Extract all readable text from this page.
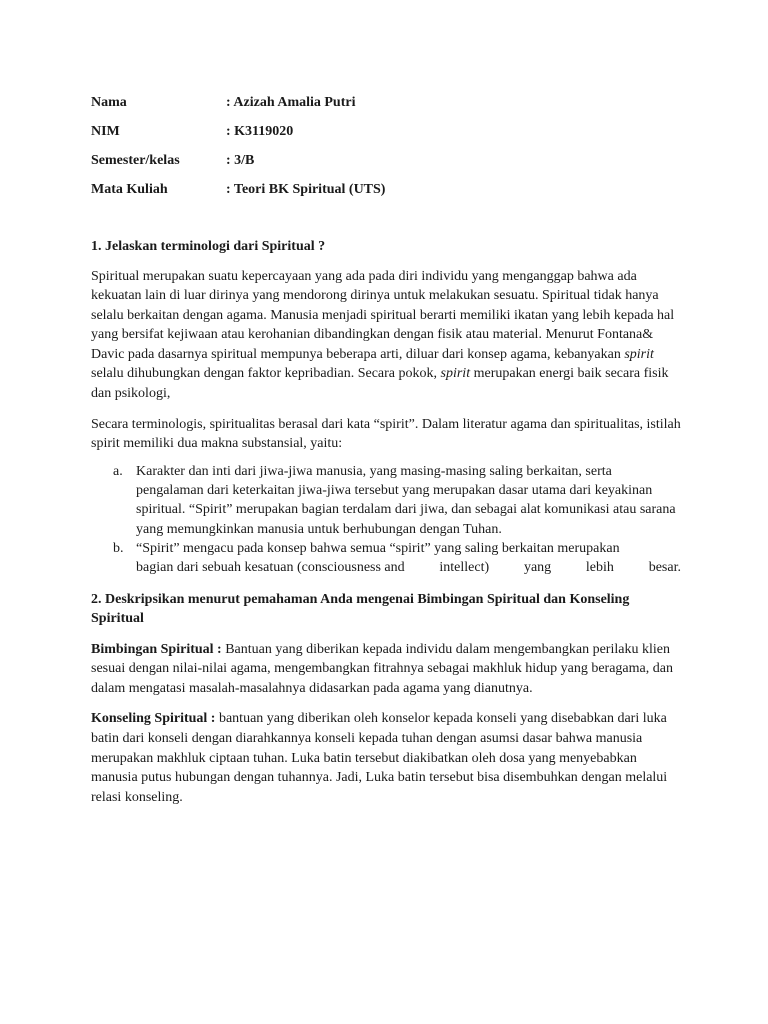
Nama	: Azizah Amalia Putri
NIM	: K3119020
Semester/kelas	: 3/B
Mata Kuliah	: Teori BK Spiritual (UTS)

1. Jelaskan terminologi dari Spiritual ?

Spiritual merupakan suatu kepercayaan yang ada pada diri individu yang menganggap bahwa ada kekuatan lain di luar dirinya yang mendorong dirinya untuk melakukan sesuatu. Spiritual tidak hanya selalu berkaitan dengan agama. Manusia menjadi spiritual berarti memiliki ikatan yang lebih kepada hal yang bersifat kejiwaan atau kerohanian dibandingkan dengan fisik atau material. Menurut Fontana& Davic pada dasarnya spiritual mempunya beberapa arti, diluar dari konsep agama, kebanyakan spirit selalu dihubungkan dengan faktor kepribadian. Secara pokok, spirit merupakan energi baik secara fisik dan psikologi,

Secara terminologis, spiritualitas berasal dari kata “spirit”. Dalam literatur agama dan spiritualitas, istilah spirit memiliki dua makna substansial, yaitu:

a. Karakter dan inti dari jiwa-jiwa manusia, yang masing-masing saling berkaitan, serta pengalaman dari keterkaitan jiwa-jiwa tersebut yang merupakan dasar utama dari keyakinan spiritual. “Spirit” merupakan bagian terdalam dari jiwa, dan sebagai alat komunikasi atau sarana yang memungkinkan manusia untuk berhubungan dengan Tuhan.
b. “Spirit” mengacu pada konsep bahwa semua “spirit” yang saling berkaitan merupakan

bagian dari sebuah kesatuan (consciousness and intellect) yang lebih besar.

2. Deskripsikan menurut pemahaman Anda mengenai Bimbingan Spiritual dan Konseling Spiritual

Bimbingan Spiritual : Bantuan yang diberikan kepada individu dalam mengembangkan perilaku klien sesuai dengan nilai-nilai agama, mengembangkan fitrahnya sebagai makhluk hidup yang beragama, dan dalam mengatasi masalah-masalahnya didasarkan pada agama yang dianutnya.

Konseling Spiritual : bantuan yang diberikan oleh konselor kepada konseli yang disebabkan dari luka batin dari konseli dengan diarahkannya konseli kepada tuhan dengan asumsi dasar bahwa manusia merupakan makhluk ciptaan tuhan. Luka batin tersebut diakibatkan oleh dosa yang menyebabkan manusia putus hubungan dengan tuhannya. Jadi, Luka batin tersebut bisa disembuhkan dengan melalui relasi konseling.
